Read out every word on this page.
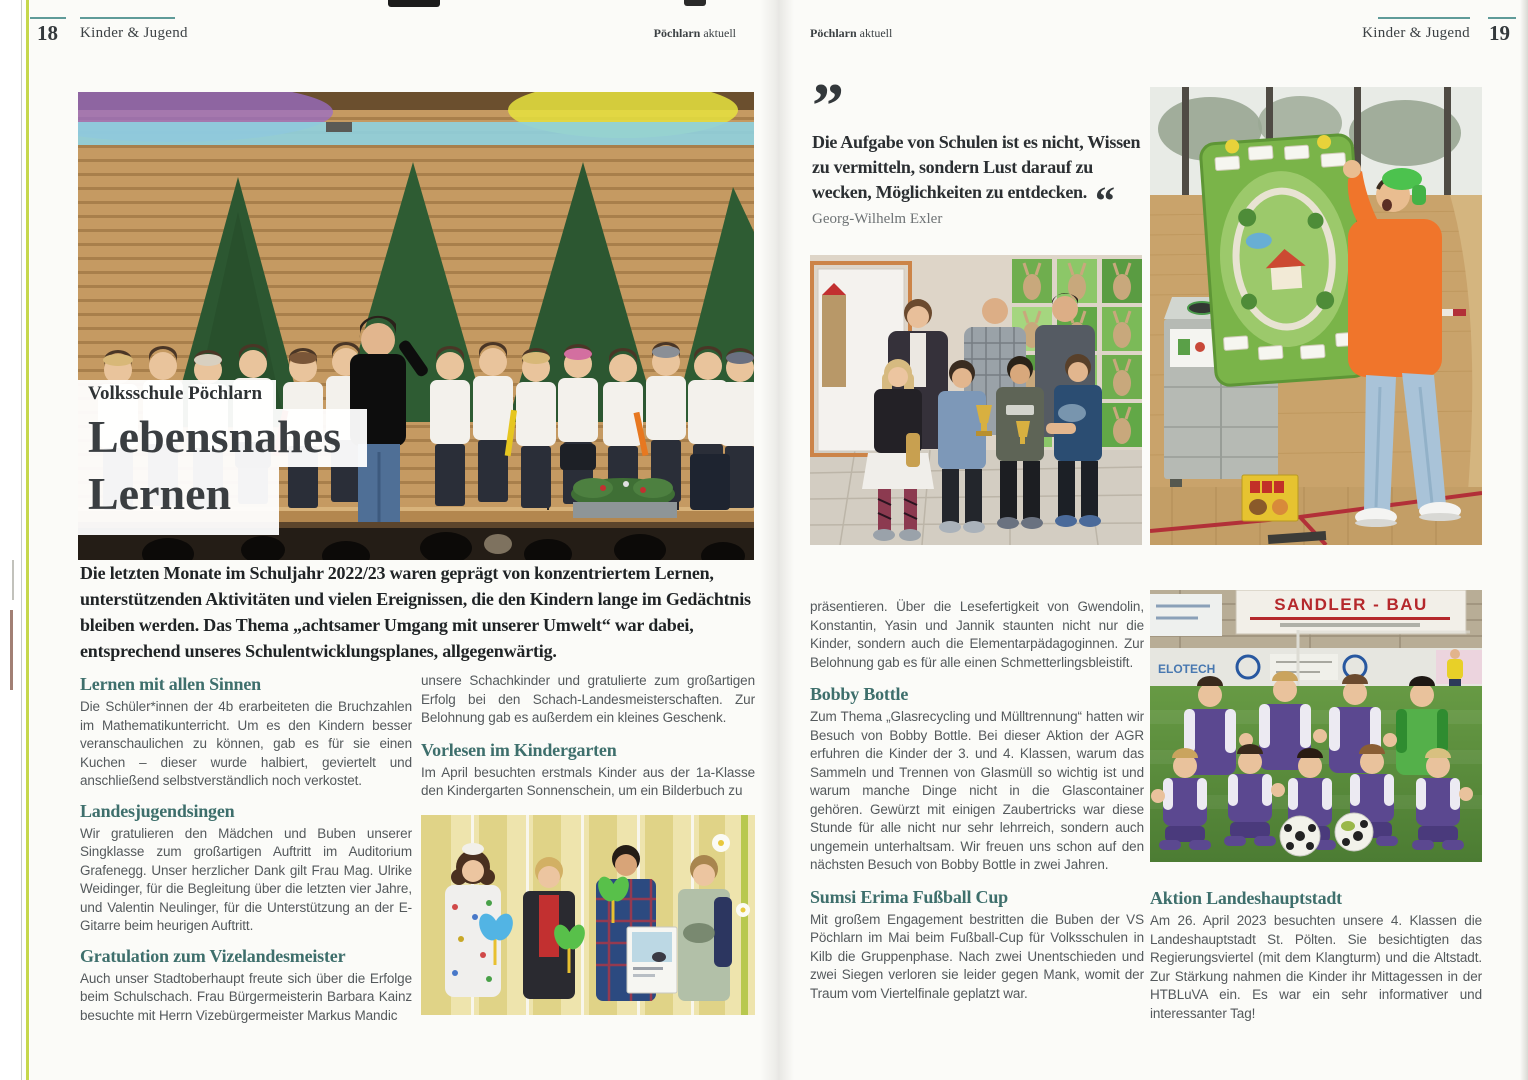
18 Kinder & Jugend	Pöchlarn aktuell	Pöchlarn aktuell	Kinder & Jugend 19
Volksschule Pöchlarn
Lebensnahes
Lernen

Die letzten Monate im Schuljahr 2022/23 waren geprägt von konzentriertem Lernen, unterstützenden Aktivitäten und vielen Ereignissen, die den Kindern lange im Gedächtnis bleiben werden. Das Thema „achtsamer Umgang mit unserer Umwelt“ war dabei, entsprechend unseres Schulentwicklungsplanes, allgegenwärtig.

Lernen mit allen Sinnen

Die Schüler*innen der 4b erarbeiteten die Bruchzahlen im Mathematikunterricht. Um es den Kindern besser veranschaulichen zu können, gab es für sie einen Kuchen – dieser wurde halbiert, geviertelt und anschließend selbstverständlich noch verkostet.

Landesjugendsingen

Wir gratulieren den Mädchen und Buben unserer Singklasse zum großartigen Auftritt im Auditorium Grafenegg. Unser herzlicher Dank gilt Frau Mag. Ulrike Weidinger, für die Begleitung über die letzten vier Jahre, und Valentin Neulinger, für die Unterstützung an der E-Gitarre beim heurigen Auftritt.

Gratulation zum Vizelandesmeister

Auch unser Stadtoberhaupt freute sich über die Erfolge beim Schulschach. Frau Bürgermeisterin Barbara Kainz besuchte mit Herrn Vizebürgermeister Markus Mandic

unsere Schachkinder und gratulierte zum großartigen Erfolg bei den Schach-Landesmeisterschaften. Zur Belohnung gab es außerdem ein kleines Geschenk.

Vorlesen im Kindergarten

Im April besuchten erstmals Kinder aus der 1a-Klasse den Kindergarten Sonnenschein, um ein Bilderbuch zu

”

Die Aufgabe von Schulen ist es nicht, Wissen zu vermitteln, sondern Lust darauf zu wecken, Möglichkeiten zu entdecken. “

Georg-Wilhelm Exler

präsentieren. Über die Lesefertigkeit von Gwendolin, Konstantin, Yasin und Jannik staunten nicht nur die Kinder, sondern auch die Elementarpädagoginnen. Zur Belohnung gab es für alle einen Schmetterlingsbleistift.

Bobby Bottle

Zum Thema „Glasrecycling und Mülltrennung“ hatten wir Besuch von Bobby Bottle. Bei dieser Aktion der AGR erfuhren die Kinder der 3. und 4. Klassen, warum das Sammeln und Trennen von Glasmüll so wichtig ist und warum manche Dinge nicht in die Glascontainer gehören. Gewürzt mit einigen Zaubertricks war diese Stunde für alle nicht nur sehr lehrreich, sondern auch ungemein unterhaltsam. Wir freuen uns schon auf den nächsten Besuch von Bobby Bottle in zwei Jahren.

Sumsi Erima Fußball Cup

Mit großem Engagement bestritten die Buben der VS Pöchlarn im Mai beim Fußball-Cup für Volksschulen in Kilb die Gruppenphase. Nach zwei Unentschieden und zwei Siegen verloren sie leider gegen Mank, womit der Traum vom Viertelfinale geplatzt war.

SANDLER - BAU
ELOTECH
Aktion Landeshauptstadt

Am 26. April 2023 besuchten unsere 4. Klassen die Landeshauptstadt St. Pölten. Sie besichtigten das Regierungsviertel (mit dem Klangturm) und die Altstadt. Zur Stärkung nahmen die Kinder ihr Mittagessen in der HTBLuVA ein. Es war ein sehr informativer und interessanter Tag!
